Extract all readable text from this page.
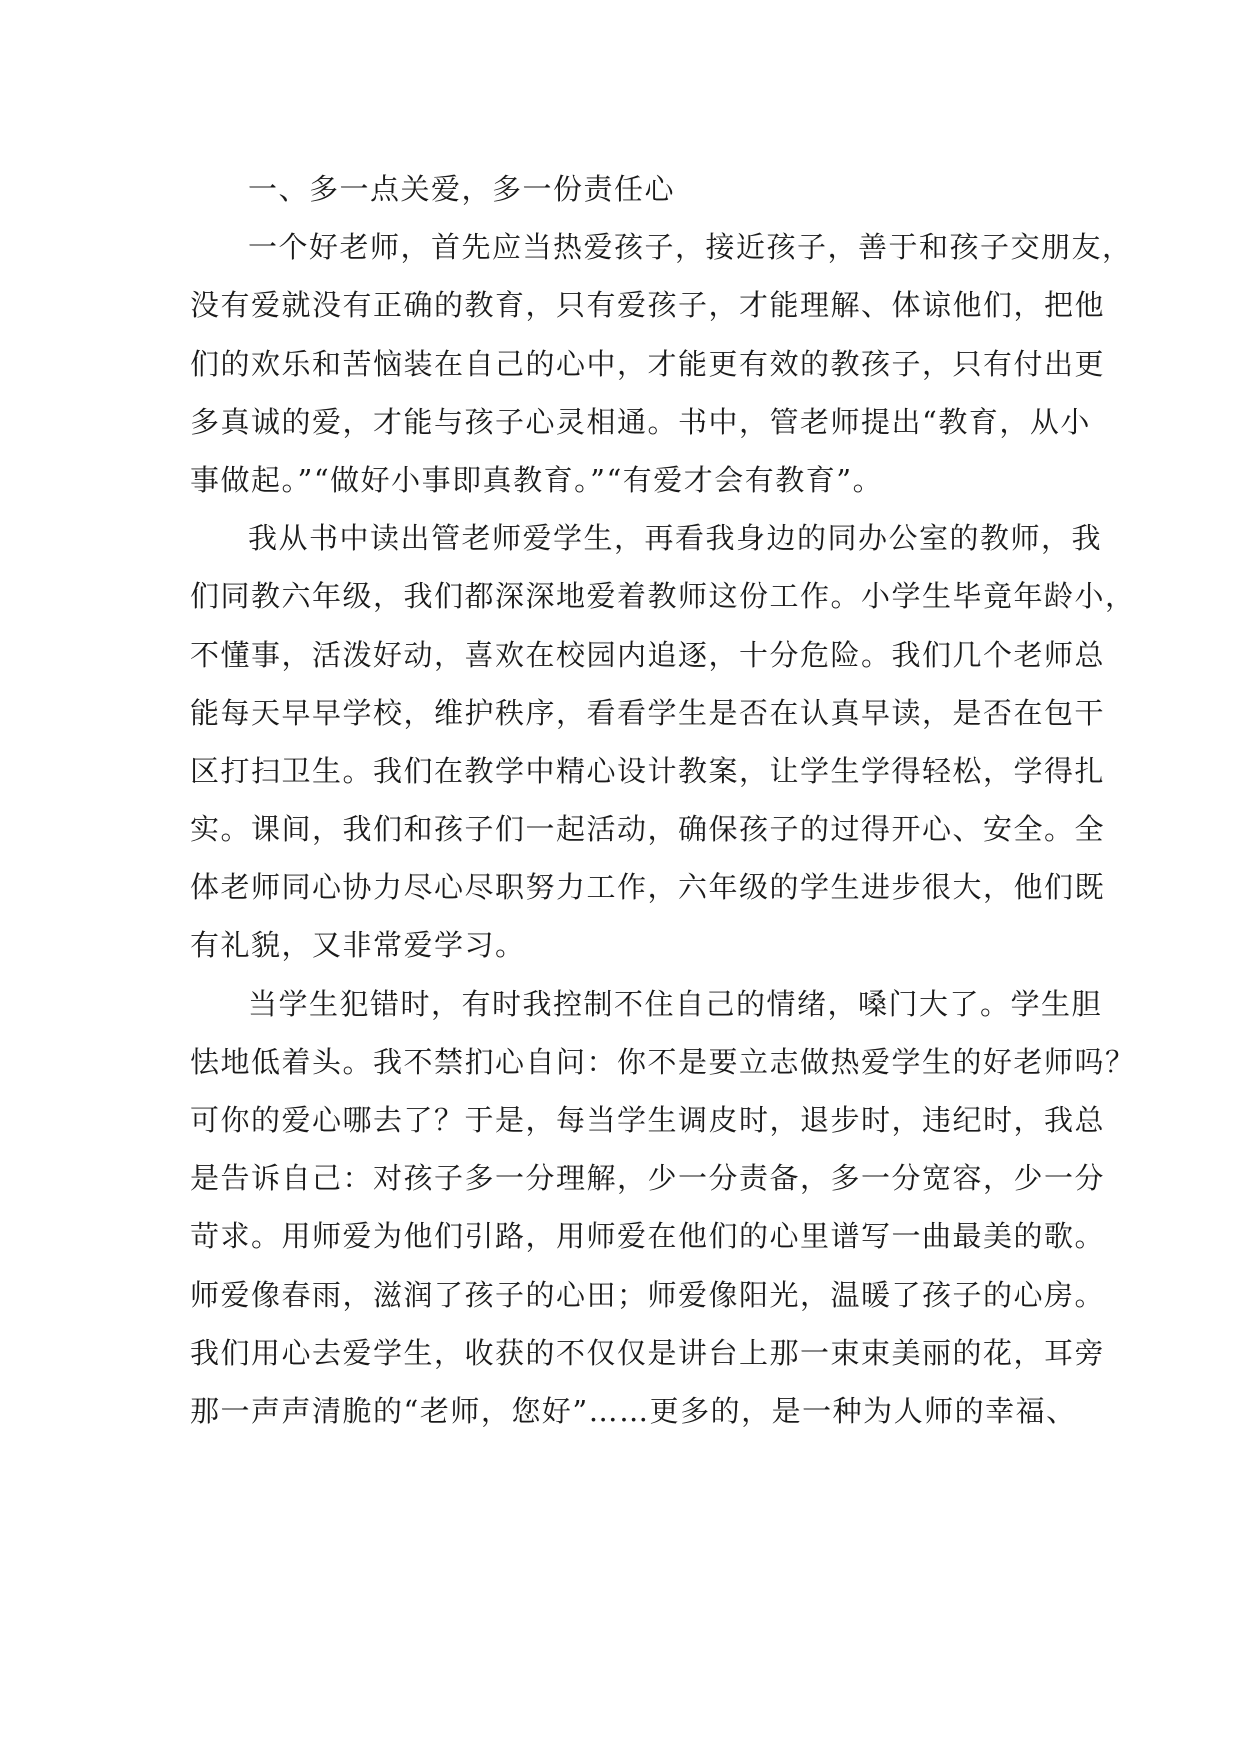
一、多一点关爱，多一份责任心
一个好老师，首先应当热爱孩子，接近孩子，善于和孩子交朋友，
没有爱就没有正确的教育，只有爱孩子，才能理解、体谅他们，把他
们的欢乐和苦恼装在自己的心中，才能更有效的教孩子，只有付出更
多真诚的爱，才能与孩子心灵相通。书中，管老师提出“教育，从小
事做起。”“做好小事即真教育。”“有爱才会有教育”。
我从书中读出管老师爱学生，再看我身边的同办公室的教师，我
们同教六年级，我们都深深地爱着教师这份工作。小学生毕竟年龄小，
不懂事，活泼好动，喜欢在校园内追逐，十分危险。我们几个老师总
能每天早早学校，维护秩序，看看学生是否在认真早读，是否在包干
区打扫卫生。我们在教学中精心设计教案，让学生学得轻松，学得扎
实。课间，我们和孩子们一起活动，确保孩子的过得开心、安全。全
体老师同心协力尽心尽职努力工作，六年级的学生进步很大，他们既
有礼貌，又非常爱学习。
当学生犯错时，有时我控制不住自己的情绪，嗓门大了。学生胆
怯地低着头。我不禁扪心自问：你不是要立志做热爱学生的好老师吗？
可你的爱心哪去了？于是，每当学生调皮时，退步时，违纪时，我总
是告诉自己：对孩子多一分理解，少一分责备，多一分宽容，少一分
苛求。用师爱为他们引路，用师爱在他们的心里谱写一曲最美的歌。
师爱像春雨，滋润了孩子的心田；师爱像阳光，温暖了孩子的心房。
我们用心去爱学生，收获的不仅仅是讲台上那一束束美丽的花，耳旁
那一声声清脆的“老师，您好”……更多的，是一种为人师的幸福、
